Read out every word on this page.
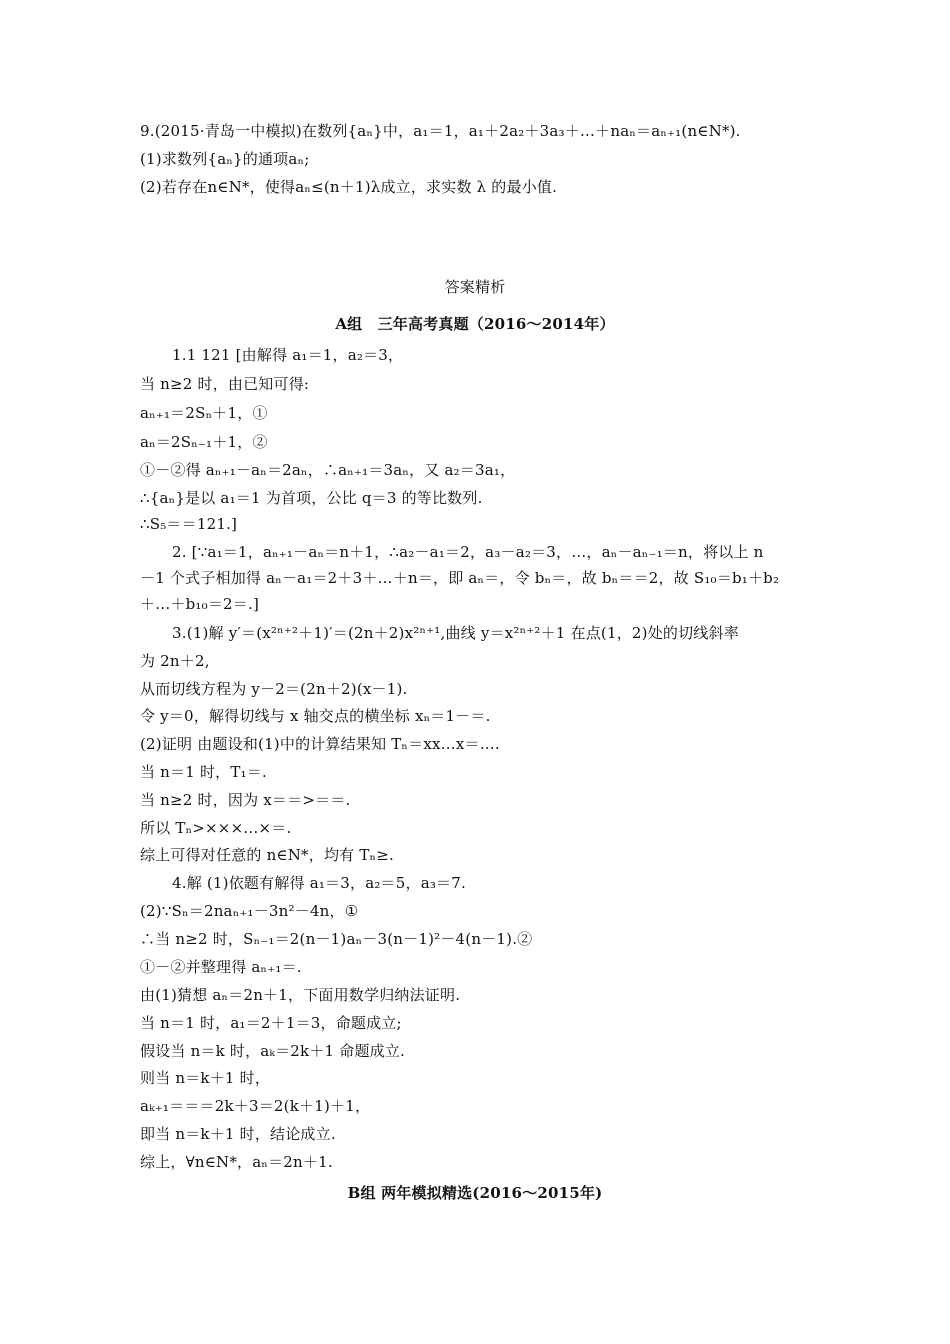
9.(2015·青岛一中模拟)在数列{aₙ}中，a₁＝1，a₁＋2a₂＋3a₃＋…＋naₙ＝aₙ₊₁(n∈N*).
(1)求数列{aₙ}的通项aₙ;
(2)若存在n∈N*，使得aₙ≤(n＋1)λ成立，求实数 λ 的最小值.
答案精析
A组　三年高考真题（2016～2014年）
1.1 121 [由解得 a₁＝1，a₂＝3，
当 n≥2 时，由已知可得:
aₙ₊₁＝2Sₙ＋1，①
aₙ＝2Sₙ₋₁＋1，②
①－②得 aₙ₊₁－aₙ＝2aₙ，∴aₙ₊₁＝3aₙ，又 a₂＝3a₁，
∴{aₙ}是以 a₁＝1 为首项，公比 q＝3 的等比数列.
∴S₅＝＝121.]
2. [∵a₁＝1，aₙ₊₁－aₙ＝n＋1，∴a₂－a₁＝2，a₃－a₂＝3，…，aₙ－aₙ₋₁＝n，将以上 n
－1 个式子相加得 aₙ－a₁＝2＋3＋…＋n＝，即 aₙ＝，令 bₙ＝，故 bₙ＝＝2，故 S₁₀＝b₁＋b₂
＋…＋b₁₀＝2＝.]
3.(1)解 y′＝(x²ⁿ⁺²＋1)′＝(2n＋2)x²ⁿ⁺¹,曲线 y＝x²ⁿ⁺²＋1 在点(1，2)处的切线斜率
为 2n＋2,
从而切线方程为 y－2＝(2n＋2)(x－1).
令 y＝0，解得切线与 x 轴交点的横坐标 xₙ＝1－＝.
(2)证明 由题设和(1)中的计算结果知 Tₙ＝xx…x＝….
当 n＝1 时，T₁＝.
当 n≥2 时，因为 x＝＝>＝＝.
所以 Tₙ>×××…×＝.
综上可得对任意的 n∈N*，均有 Tₙ≥.
4.解 (1)依题有解得 a₁＝3，a₂＝5，a₃＝7.
(2)∵Sₙ＝2naₙ₊₁－3n²－4n，①
∴当 n≥2 时，Sₙ₋₁＝2(n－1)aₙ－3(n－1)²－4(n－1).②
①－②并整理得 aₙ₊₁＝.
由(1)猜想 aₙ＝2n＋1，下面用数学归纳法证明.
当 n＝1 时，a₁＝2＋1＝3，命题成立;
假设当 n＝k 时，aₖ＝2k＋1 命题成立.
则当 n＝k＋1 时，
aₖ₊₁＝＝＝2k＋3＝2(k＋1)＋1，
即当 n＝k＋1 时，结论成立.
综上，∀n∈N*，aₙ＝2n＋1.
B组 两年模拟精选(2016～2015年)
